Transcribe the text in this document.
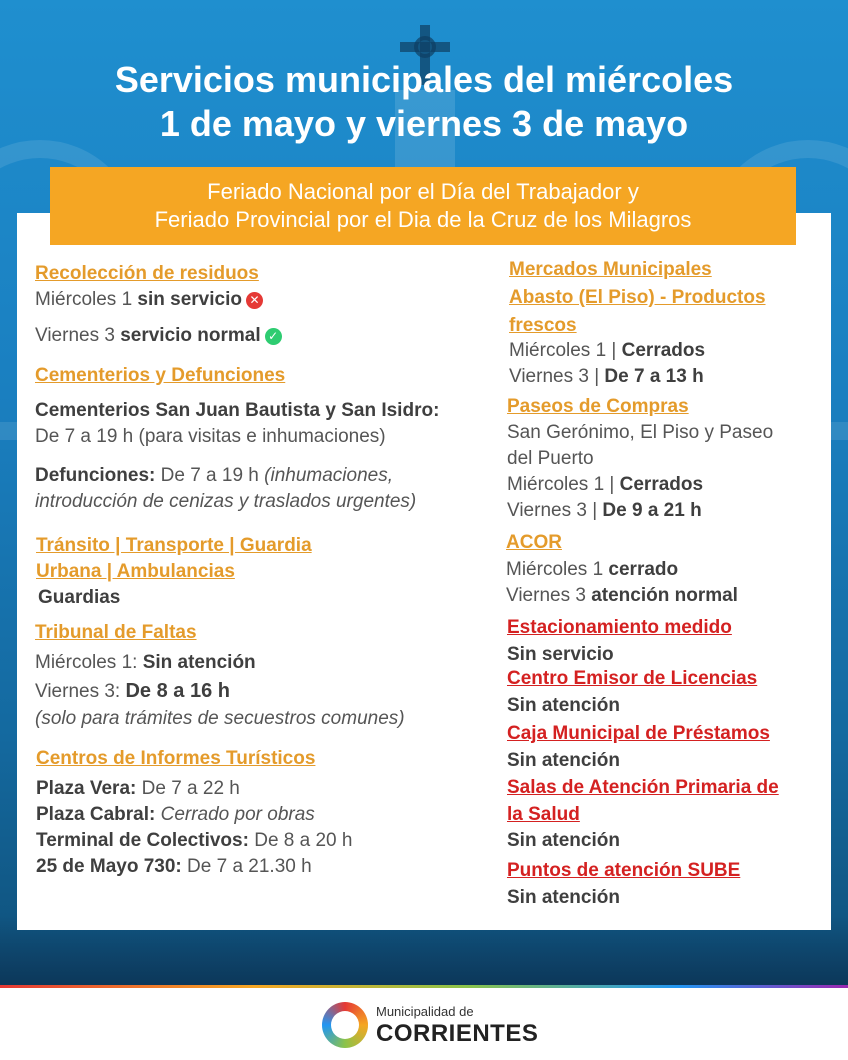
Servicios municipales del miércoles
1 de mayo y viernes 3 de mayo
Recolección de residuos
Miércoles 1 sin servicio ✕
Viernes 3 servicio normal ✓
Cementerios y Defunciones
Cementerios San Juan Bautista y San Isidro:
De 7 a 19 h (para visitas e inhumaciones)
Defunciones: De 7 a 19 h (inhumaciones,
introducción de cenizas y traslados urgentes)
Tránsito | Transporte | Guardia
Urbana | Ambulancias
Guardias
Tribunal de Faltas
Miércoles 1: Sin atención
Viernes 3: De 8 a 16 h
(solo para trámites de secuestros comunes)
Centros de Informes Turísticos
Plaza Vera: De 7 a 22 h
Plaza Cabral: Cerrado por obras
Terminal de Colectivos: De 8 a 20 h
25 de Mayo 730: De 7 a 21.30 h
Mercados Municipales
Abasto (El Piso) - Productos
frescos
Miércoles 1 | Cerrados
Viernes 3 | De 7 a 13 h
Paseos de Compras
San Gerónimo, El Piso y Paseo
del Puerto
Miércoles 1 | Cerrados
Viernes 3 | De 9 a 21 h
ACOR
Miércoles 1 cerrado
Viernes 3 atención normal
Estacionamiento medido
Sin servicio
Centro Emisor de Licencias
Sin atención
Caja Municipal de Préstamos
Sin atención
Salas de Atención Primaria de
la Salud
Sin atención
Puntos de atención SUBE
Sin atención
Feriado Nacional por el Día del Trabajador y
Feriado Provincial por el Dia de la Cruz de los Milagros
Municipalidad de
CORRIENTES
